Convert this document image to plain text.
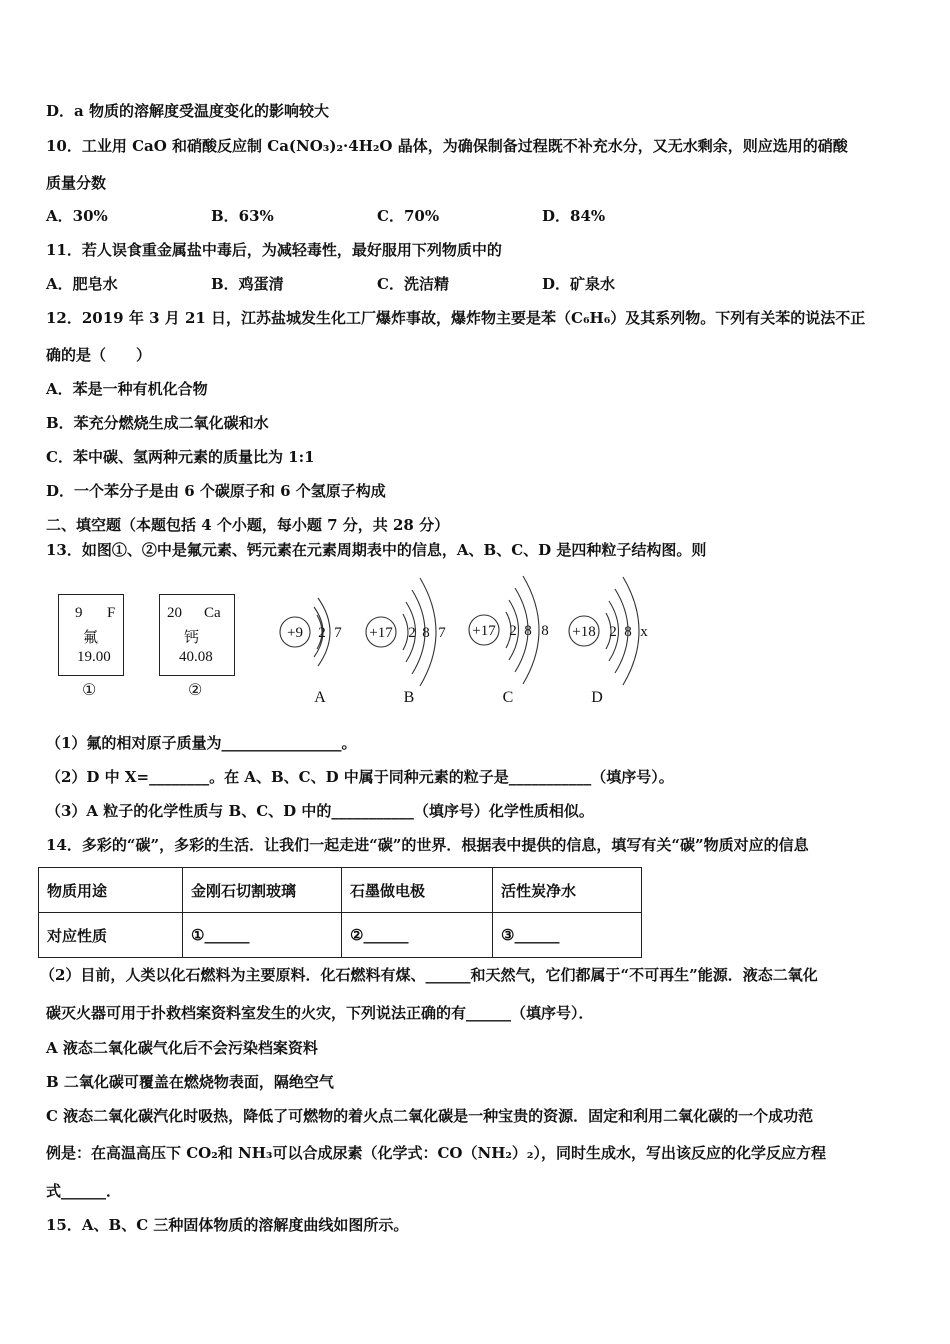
D．a 物质的溶解度受温度变化的影响较大
10．工业用 CaO 和硝酸反应制 Ca(NO₃)₂·4H₂O 晶体，为确保制备过程既不补充水分，又无水剩余，则应选用的硝酸
质量分数
A．30%	B．63%	C．70%	D．84%
11．若人误食重金属盐中毒后，为减轻毒性，最好服用下列物质中的
A．肥皂水	B．鸡蛋清	C．洗洁精	D．矿泉水
12．2019 年 3 月 21 日，江苏盐城发生化工厂爆炸事故，爆炸物主要是苯（C₆H₆）及其系列物。下列有关苯的说法不正
确的是（　　）
A．苯是一种有机化合物
B．苯充分燃烧生成二氧化碳和水
C．苯中碳、氢两种元素的质量比为 1:1
D．一个苯分子是由 6 个碳原子和 6 个氢原子构成
二、填空题（本题包括 4 个小题，每小题 7 分，共 28 分）
13．如图①、②中是氟元素、钙元素在元素周期表中的信息，A、B、C、D 是四种粒子结构图。则
9 F
氟
19.00
①
20 Ca
钙
40.08
②
+9 2 7
A
+17 2 8 7
B
+17 2 8 8
C
+18 2 8 x
D
（1）氟的相对原子质量为________________。
（2）D 中 X=________。在 A、B、C、D 中属于同种元素的粒子是___________（填序号）。
（3）A 粒子的化学性质与 B、C、D 中的___________（填序号）化学性质相似。
14．多彩的“碳”，多彩的生活．让我们一起走进“碳”的世界．根据表中提供的信息，填写有关“碳”物质对应的信息
物质用途	金刚石切割玻璃	石墨做电极	活性炭净水
对应性质	①______	②______	③______
（2）目前，人类以化石燃料为主要原料．化石燃料有煤、______和天然气，它们都属于“不可再生”能源．液态二氧化
碳灭火器可用于扑救档案资料室发生的火灾，下列说法正确的有______（填序号）．
A 液态二氧化碳气化后不会污染档案资料
B 二氧化碳可覆盖在燃烧物表面，隔绝空气
C 液态二氧化碳汽化时吸热，降低了可燃物的着火点二氧化碳是一种宝贵的资源．固定和利用二氧化碳的一个成功范
例是：在高温高压下 CO₂和 NH₃可以合成尿素（化学式：CO（NH₂）₂），同时生成水，写出该反应的化学反应方程
式______．
15．A、B、C 三种固体物质的溶解度曲线如图所示。
